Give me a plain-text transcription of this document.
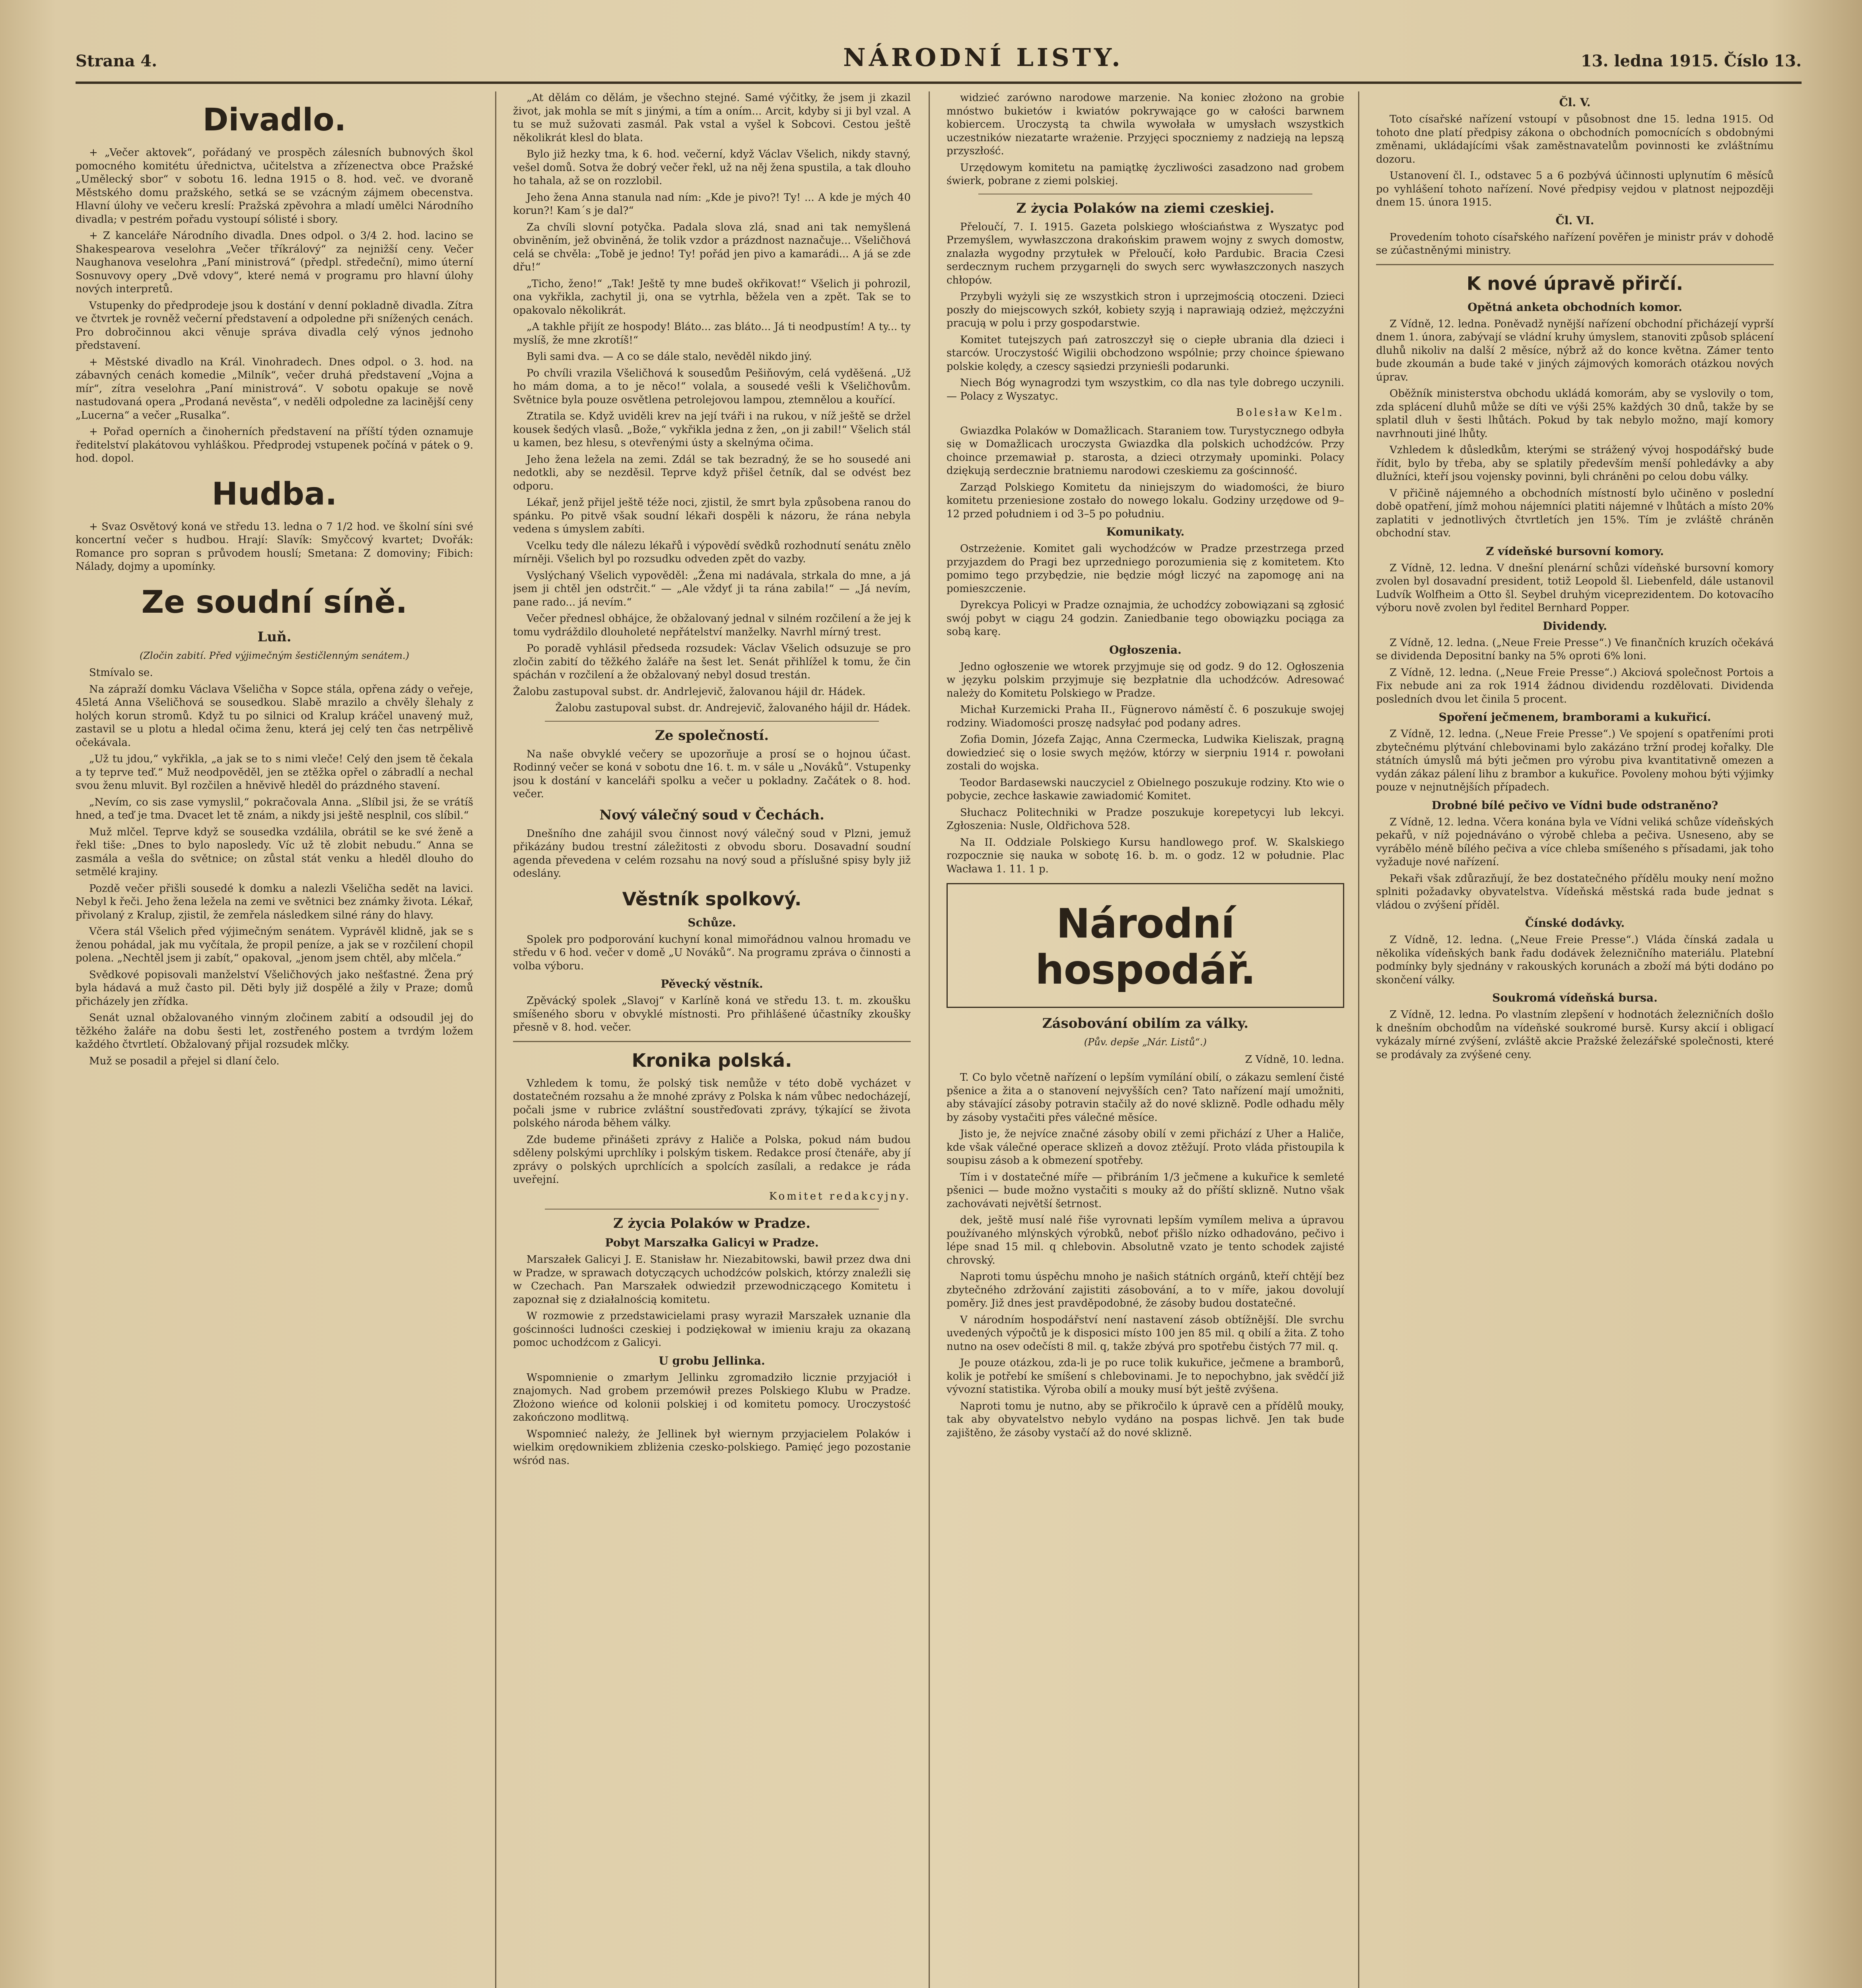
Strana 4.	NÁRODNÍ LISTY.	13. ledna 1915. Číslo 13.
Divadlo.

+ „Večer aktovek“, pořádaný ve prospěch zálesních bubnových škol pomocného komitétu úřednictva, učitelstva a zřízenectva obce Pražské „Umělecký sbor“ v sobotu 16. ledna 1915 o 8. hod. več. ve dvoraně Městského domu pražského, setká se se vzácným zájmem obecenstva. Hlavní úlohy ve večeru kreslí: Pražská zpěvohra a mladí umělci Národního divadla; v pestrém pořadu vystoupí sólisté i sbory.

+ Z kanceláře Národního divadla. Dnes odpol. o 3/4 2. hod. lacino se Shakespearova veselohra „Večer tříkrálový“ za nejnižší ceny. Večer Naughanova veselohra „Paní ministrová“ (předpl. středeční), mimo úterní Sosnuvovy opery „Dvě vdovy“, které nemá v programu pro hlavní úlohy nových interpretů.

Vstupenky do předprodeje jsou k dostání v denní pokladně divadla. Zítra ve čtvrtek je rovněž večerní představení a odpoledne při snížených cenách. Pro dobročinnou akci věnuje správa divadla celý výnos jednoho představení.

+ Městské divadlo na Král. Vinohradech. Dnes odpol. o 3. hod. na zábavných cenách komedie „Milník“, večer druhá představení „Vojna a mír“, zítra veselohra „Paní ministrová“. V sobotu opakuje se nově nastudovaná opera „Prodaná nevěsta“, v neděli odpoledne za lacinější ceny „Lucerna“ a večer „Rusalka“.

+ Pořad operních a činoherních představení na příští týden oznamuje ředitelství plakátovou vyhláškou. Předprodej vstupenek počíná v pátek o 9. hod. dopol.

Hudba.

+ Svaz Osvětový koná ve středu 13. ledna o 7 1/2 hod. ve školní síni své koncertní večer s hudbou. Hrají: Slavík: Smyčcový kvartet; Dvořák: Romance pro sopran s průvodem houslí; Smetana: Z domoviny; Fibich: Nálady, dojmy a upomínky.

Ze soudní síně.
Luň.
(Zločin zabití. Před výjimečným šestičlenným senátem.)

Stmívalo se.

Na zápraží domku Václava Všeličha v Sopce stála, opřena zády o veřeje, 45letá Anna Všeličhová se sousedkou. Slabě mrazilo a chvěly šlehaly z holých korun stromů. Když tu po silnici od Kralup kráčel unavený muž, zastavil se u plotu a hledal očima ženu, která jej celý ten čas netrpělivě očekávala.

„Už tu jdou,“ vykřikla, „a jak se to s nimi vleče! Celý den jsem tě čekala a ty teprve teď.“ Muž neodpověděl, jen se ztěžka opřel o zábradlí a nechal svou ženu mluvit. Byl rozčilen a hněvivě hleděl do prázdného stavení.

„Nevím, co sis zase vymyslil,“ pokračovala Anna. „Slíbil jsi, že se vrátíš hned, a teď je tma. Dvacet let tě znám, a nikdy jsi ještě nesplnil, cos slíbil.“

Muž mlčel. Teprve když se sousedka vzdálila, obrátil se ke své ženě a řekl tiše: „Dnes to bylo naposledy. Víc už tě zlobit nebudu.“ Anna se zasmála a vešla do světnice; on zůstal stát venku a hleděl dlouho do setmělé krajiny.

Pozdě večer přišli sousedé k domku a nalezli Všeličha sedět na lavici. Nebyl k řeči. Jeho žena ležela na zemi ve světnici bez známky života. Lékař, přivolaný z Kralup, zjistil, že zemřela následkem silné rány do hlavy.

Včera stál Všelich před výjimečným senátem. Vyprávěl klidně, jak se s ženou pohádal, jak mu vyčítala, že propil peníze, a jak se v rozčilení chopil polena. „Nechtěl jsem ji zabít,“ opakoval, „jenom jsem chtěl, aby mlčela.“

Svědkové popisovali manželství Všeličhových jako nešťastné. Žena prý byla hádavá a muž často pil. Děti byly již dospělé a žily v Praze; domů přicházely jen zřídka.

Senát uznal obžalovaného vinným zločinem zabití a odsoudil jej do těžkého žaláře na dobu šesti let, zostřeného postem a tvrdým ložem každého čtvrtletí. Obžalovaný přijal rozsudek mlčky.

Muž se posadil a přejel si dlaní čelo.

„At dělám co dělám, je všechno stejné. Samé výčitky, že jsem ji zkazil život, jak mohla se mít s jinými, a tím a oním... Arcit, kdyby si ji byl vzal. A tu se muž sužovati zasmál. Pak vstal a vyšel k Sobcovi. Cestou ještě několikrát klesl do blata.

Bylo již hezky tma, k 6. hod. večerní, když Václav Všelich, nikdy stavný, vešel domů. Sotva že dobrý večer řekl, už na něj žena spustila, a tak dlouho ho tahala, až se on rozzlobil.

Jeho žena Anna stanula nad ním: „Kde je pivo?! Ty! ... A kde je mých 40 korun?! Kam´s je dal?“

Za chvíli slovní potyčka. Padala slova zlá, snad ani tak nemyšlená obviněním, jež obviněná, že tolik vzdor a prázdnost naznačuje... Všeličhová celá se chvěla: „Tobě je jedno! Ty! pořád jen pivo a kamarádi... A já se zde dřu!“

„Ticho, ženo!“ „Tak! Ještě ty mne budeš okřikovat!“ Všelich ji pohrozil, ona vykřikla, zachytil ji, ona se vytrhla, běžela ven a zpět. Tak se to opakovalo několikrát.

„A takhle přijít ze hospody! Bláto... zas bláto... Já ti neodpustím! A ty... ty myslíš, že mne zkrotíš!“

Byli sami dva. — A co se dále stalo, nevěděl nikdo jiný.

Po chvíli vrazila Všeličhová k sousedům Pešiňovým, celá vyděšená. „Už ho mám doma, a to je něco!“ volala, a sousedé vešli k Všeličhovům. Světnice byla pouze osvětlena petrolejovou lampou, ztemnělou a kouřící.

Ztratila se. Když uviděli krev na její tváři i na rukou, v níž ještě se držel kousek šedých vlasů. „Bože,“ vykřikla jedna z žen, „on ji zabil!“ Všelich stál u kamen, bez hlesu, s otevřenými ústy a skelnýma očima.

Jeho žena ležela na zemi. Zdál se tak bezradný, že se ho sousedé ani nedotkli, aby se nezděsil. Teprve když přišel četník, dal se odvést bez odporu.

Lékař, jenž přijel ještě téže noci, zjistil, že smrt byla způsobena ranou do spánku. Po pitvě však soudní lékaři dospěli k názoru, že rána nebyla vedena s úmyslem zabíti.

Vcelku tedy dle nálezu lékařů i výpovědí svědků rozhodnutí senátu znělo mírněji. Všelich byl po rozsudku odveden zpět do vazby.

Vyslýchaný Všelich vypověděl: „Žena mi nadávala, strkala do mne, a já jsem ji chtěl jen odstrčit.“ — „Ale vždyť ji ta rána zabila!“ — „Já nevím, pane rado... já nevím.“

Večer přednesl obhájce, že obžalovaný jednal v silném rozčilení a že jej k tomu vydráždilo dlouholeté nepřátelství manželky. Navrhl mírný trest.

Po poradě vyhlásil předseda rozsudek: Václav Všelich odsuzuje se pro zločin zabití do těžkého žaláře na šest let. Senát přihlížel k tomu, že čin spáchán v rozčilení a že obžalovaný nebyl dosud trestán.

Žalobu zastupoval subst. dr. Andrlejevič, žalovanou hájil dr. Hádek.

Žalobu zastupoval subst. dr. Andrejevič, žalovaného hájil dr. Hádek.
Ze společností.

Na naše obvyklé večery se upozorňuje a prosí se o hojnou účast. Rodinný večer se koná v sobotu dne 16. t. m. v sále u „Nováků“. Vstupenky jsou k dostání v kanceláři spolku a večer u pokladny. Začátek o 8. hod. večer.

Nový válečný soud v Čechách.

Dnešního dne zahájil svou činnost nový válečný soud v Plzni, jemuž přikázány budou trestní záležitosti z obvodu sboru. Dosavadní soudní agenda převedena v celém rozsahu na nový soud a příslušné spisy byly již odeslány.

Věstník spolkový.
Schůze.

Spolek pro podporování kuchyní konal mimořádnou valnou hromadu ve středu v 6 hod. večer v domě „U Nováků“. Na programu zpráva o činnosti a volba výboru.

Pěvecký věstník.

Zpěvácký spolek „Slavoj“ v Karlíně koná ve středu 13. t. m. zkoušku smíšeného sboru v obvyklé místnosti. Pro přihlášené účastníky zkoušky přesně v 8. hod. večer.

Kronika polská.

Vzhledem k tomu, že polský tisk nemůže v této době vycházet v dostatečném rozsahu a že mnohé zprávy z Polska k nám vůbec nedocházejí, počali jsme v rubrice zvláštní soustřeďovati zprávy, týkající se života polského národa během války.

Zde budeme přinášeti zprávy z Haliče a Polska, pokud nám budou sděleny polskými uprchlíky i polským tiskem. Redakce prosí čtenáře, aby jí zprávy o polských uprchlících a spolcích zasílali, a redakce je ráda uveřejní.

Komitet redakcyjny.
Z życia Polaków w Pradze.
Pobyt Marszałka Galicyi w Pradze.

Marszałek Galicyi J. E. Stanisław hr. Niezabitowski, bawił przez dwa dni w Pradze, w sprawach dotyczących uchodźców polskich, którzy znaleźli się w Czechach. Pan Marszałek odwiedził przewodniczącego Komitetu i zapoznał się z działalnością komitetu.

W rozmowie z przedstawicielami prasy wyraził Marszałek uznanie dla gościnności ludności czeskiej i podziękował w imieniu kraju za okazaną pomoc uchodźcom z Galicyi.

U grobu Jellinka.

Wspomnienie o zmarłym Jellinku zgromadziło licznie przyjaciół i znajomych. Nad grobem przemówił prezes Polskiego Klubu w Pradze. Złożono wieńce od kolonii polskiej i od komitetu pomocy. Uroczystość zakończono modlitwą.

Wspomnieć należy, że Jellinek był wiernym przyjacielem Polaków i wielkim orędownikiem zbliżenia czesko-polskiego. Pamięć jego pozostanie wśród nas.

widzieć zarówno narodowe marzenie. Na koniec złożono na grobie mnóstwo bukietów i kwiatów pokrywające go w całości barwnem kobiercem. Uroczystą ta chwila wywołała w umysłach wszystkich uczestników niezatarte wrażenie. Przyjęci spoczniemy z nadzieją na lepszą przyszłość.

Urzędowym komitetu na pamiątkę życzliwości zasadzono nad grobem świerk, pobrane z ziemi polskiej.

Z życia Polaków na ziemi czeskiej.

Přeloučí, 7. I. 1915. Gazeta polskiego włościaństwa z Wyszatyc pod Przemyślem, wywłaszczona drakońskim prawem wojny z swych domostw, znalazła wygodny przytułek w Přeloučí, koło Pardubic. Bracia Czesi serdecznym ruchem przygarnęli do swych serc wywłaszczonych naszych chłopów.

Przybyli wyżyli się ze wszystkich stron i uprzejmością otoczeni. Dzieci poszły do miejscowych szkół, kobiety szyją i naprawiają odzież, mężczyźni pracują w polu i przy gospodarstwie.

Komitet tutejszych pań zatroszczył się o ciepłe ubrania dla dzieci i starców. Uroczystość Wigilii obchodzono wspólnie; przy choince śpiewano polskie kolędy, a czescy sąsiedzi przynieśli podarunki.

Niech Bóg wynagrodzi tym wszystkim, co dla nas tyle dobrego uczynili. — Polacy z Wyszatyc.

Bolesław Kelm.

Gwiazdka Polaków w Domažlicach. Staraniem tow. Turystycznego odbyła się w Domažlicach uroczysta Gwiazdka dla polskich uchodźców. Przy choince przemawiał p. starosta, a dzieci otrzymały upominki. Polacy dziękują serdecznie bratniemu narodowi czeskiemu za gościnność.

Zarząd Polskiego Komitetu da niniejszym do wiadomości, że biuro komitetu przeniesione zostało do nowego lokalu. Godziny urzędowe od 9–12 przed południem i od 3–5 po południu.

Komunikaty.

Ostrzeżenie. Komitet gali wychodźców w Pradze przestrzega przed przyjazdem do Pragi bez uprzedniego porozumienia się z komitetem. Kto pomimo tego przybędzie, nie będzie mógł liczyć na zapomogę ani na pomieszczenie.

Dyrekcya Policyi w Pradze oznajmia, że uchodźcy zobowiązani są zgłosić swój pobyt w ciągu 24 godzin. Zaniedbanie tego obowiązku pociąga za sobą karę.

Ogłoszenia.

Jedno ogłoszenie we wtorek przyjmuje się od godz. 9 do 12. Ogłoszenia w języku polskim przyjmuje się bezpłatnie dla uchodźców. Adresować należy do Komitetu Polskiego w Pradze.

Michał Kurzemicki Praha II., Fügnerovo náměstí č. 6 poszukuje swojej rodziny. Wiadomości proszę nadsyłać pod podany adres.

Zofia Domin, Józefa Zając, Anna Czermecka, Ludwika Kieliszak, pragną dowiedzieć się o losie swych mężów, którzy w sierpniu 1914 r. powołani zostali do wojska.

Teodor Bardasewski nauczyciel z Obielnego poszukuje rodziny. Kto wie o pobycie, zechce łaskawie zawiadomić Komitet.

Słuchacz Politechniki w Pradze poszukuje korepetycyi lub lekcyi. Zgłoszenia: Nusle, Oldřichova 528.

Na II. Oddziale Polskiego Kursu handlowego prof. W. Skalskiego rozpocznie się nauka w sobotę 16. b. m. o godz. 12 w południe. Plac Wacława 1. 11. 1 p.

Národní hospodář.
Zásobování obilím za války.
(Pův. depše „Nár. Listů“.)
Z Vídně, 10. ledna.

T. Co bylo včetně nařízení o lepším vymílání obilí, o zákazu semlení čisté pšenice a žita a o stanovení nejvyšších cen? Tato nařízení mají umožniti, aby stávající zásoby potravin stačily až do nové sklizně. Podle odhadu měly by zásoby vystačiti přes válečné měsíce.

Jisto je, že nejvíce značné zásoby obilí v zemi přichází z Uher a Haliče, kde však válečné operace sklizeň a dovoz ztěžují. Proto vláda přistoupila k soupisu zásob a k obmezení spotřeby.

Tím i v dostatečné míře — přibráním 1/3 ječmene a kukuřice k semleté pšenici — bude možno vystačiti s mouky až do příští sklizně. Nutno však zachovávati největší šetrnost.

dek, ještě musí nalé řiše vyrovnati lepším vymílem meliva a úpravou používaného mlýnských výrobků, neboť přišlo nízko odhadováno, pečivo i lépe snad 15 mil. q chlebovin. Absolutně vzato je tento schodek zajisté chrovský.

Naproti tomu úspěchu mnoho je našich státních orgánů, kteří chtějí bez zbytečného zdržování zajistiti zásobování, a to v míře, jakou dovolují poměry. Již dnes jest pravděpodobné, že zásoby budou dostatečné.

V národním hospodářství není nastavení zásob obtížnější. Dle svrchu uvedených výpočtů je k disposici místo 100 jen 85 mil. q obilí a žita. Z toho nutno na osev odečísti 8 mil. q, takže zbývá pro spotřebu čistých 77 mil. q.

Je pouze otázkou, zda-li je po ruce tolik kukuřice, ječmene a bramborů, kolik je potřebí ke smíšení s chlebovinami. Je to nepochybno, jak svědčí již vývozní statistika. Výroba obilí a mouky musí být ještě zvýšena.

Naproti tomu je nutno, aby se přikročilo k úpravě cen a přídělů mouky, tak aby obyvatelstvo nebylo vydáno na pospas lichvě. Jen tak bude zajištěno, že zásoby vystačí až do nové sklizně.

Čl. V.

Toto císařské nařízení vstoupí v působnost dne 15. ledna 1915. Od tohoto dne platí předpisy zákona o obchodních pomocnících s obdobnými změnami, ukládajícími však zaměstnavatelům povinnosti ke zvláštnímu dozoru.

Ustanovení čl. I., odstavec 5 a 6 pozbývá účinnosti uplynutím 6 měsíců po vyhlášení tohoto nařízení. Nové předpisy vejdou v platnost nejpozději dnem 15. února 1915.

Čl. VI.

Provedením tohoto císařského nařízení pověřen je ministr práv v dohodě se zúčastněnými ministry.

K nové úpravě přirčí.
Opětná anketa obchodních komor.

Z Vídně, 12. ledna. Poněvadž nynější nařízení obchodní přicházejí vyprší dnem 1. února, zabývají se vládní kruhy úmyslem, stanoviti způsob splácení dluhů nikoliv na další 2 měsíce, nýbrž až do konce května. Zámer tento bude zkoumán a bude také v jiných zájmových komorách otázkou nových úprav.

Oběžník ministerstva obchodu ukládá komorám, aby se vyslovily o tom, zda splácení dluhů může se díti ve výši 25% každých 30 dnů, takže by se splatil dluh v šesti lhůtách. Pokud by tak nebylo možno, mají komory navrhnouti jiné lhůty.

Vzhledem k důsledkům, kterými se strážený vývoj hospodářský bude řídit, bylo by třeba, aby se splatily především menší pohledávky a aby dlužníci, kteří jsou vojensky povinni, byli chráněni po celou dobu války.

V přičině nájemného a obchodních místností bylo učiněno v poslední době opatření, jímž mohou nájemníci platiti nájemné v lhůtách a místo 20% zaplatiti v jednotlivých čtvrtletích jen 15%. Tím je zvláště chráněn obchodní stav.

Z vídeňské bursovní komory.

Z Vídně, 12. ledna. V dnešní plenární schůzi vídeňské bursovní komory zvolen byl dosavadní president, totiž Leopold šl. Liebenfeld, dále ustanovil Ludvík Wolfheim a Otto šl. Seybel druhým viceprezidentem. Do kotovacího výboru nově zvolen byl ředitel Bernhard Popper.

Dividendy.

Z Vídně, 12. ledna. („Neue Freie Presse“.) Ve finančních kruzích očekává se dividenda Depositní banky na 5% oproti 6% loni.

Z Vídně, 12. ledna. („Neue Freie Presse“.) Akciová společnost Portois a Fix nebude ani za rok 1914 žádnou dividendu rozdělovati. Dividenda posledních dvou let činila 5 procent.

Spoření ječmenem, bramborami a kukuřicí.

Z Vídně, 12. ledna. („Neue Freie Presse“.) Ve spojení s opatřeními proti zbytečnému plýtvání chlebovinami bylo zakázáno tržní prodej kořalky. Dle státních úmyslů má býti ječmen pro výrobu piva kvantitativně omezen a vydán zákaz pálení lihu z brambor a kukuřice. Povoleny mohou býti výjimky pouze v nejnutnějších případech.

Drobné bílé pečivo ve Vídni bude odstraněno?

Z Vídně, 12. ledna. Včera konána byla ve Vídni veliká schůze vídeňských pekařů, v níž pojednáváno o výrobě chleba a pečiva. Usneseno, aby se vyrábělo méně bílého pečiva a více chleba smíšeného s přísadami, jak toho vyžaduje nové nařízení.

Pekaři však zdůrazňují, že bez dostatečného přídělu mouky není možno splniti požadavky obyvatelstva. Vídeňská městská rada bude jednat s vládou o zvýšení příděl.

Čínské dodávky.

Z Vídně, 12. ledna. („Neue Freie Presse“.) Vláda čínská zadala u několika vídeňských bank řadu dodávek železničního materiálu. Platební podmínky byly sjednány v rakouských korunách a zboží má býti dodáno po skončení války.

Soukromá vídeňská bursa.

Z Vídně, 12. ledna. Po vlastním zlepšení v hodnotách železničních došlo k dnešním obchodům na vídeňské soukromé bursě. Kursy akcií i obligací vykázaly mírné zvýšení, zvláště akcie Pražské železářské společnosti, které se prodávaly za zvýšené ceny.
